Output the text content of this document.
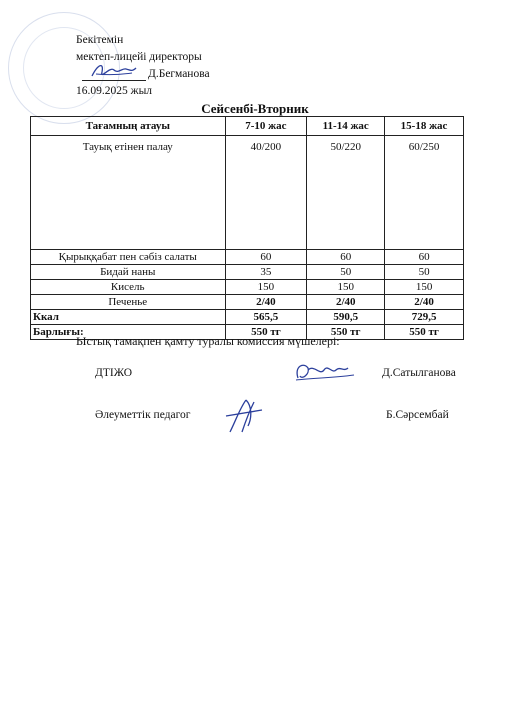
Бекітемін
мектеп-лицейі директоры
Д.Бегманова
16.09.2025 жыл
Сейсенбі-Вторник
Тағамның атауы	7-10 жас	11-14 жас	15-18 жас
Тауық етінен палау	40/200	50/220	60/250
Қырыққабат пен сәбіз салаты	60	60	60
Бидай наны	35	50	50
Кисель	150	150	150
Печенье	2/40	2/40	2/40
Ккал	565,5	590,5	729,5
Барлығы:	550 тг	550 тг	550 тг
Ыстық тамақпен қамту туралы комиссия мүшелері:
ДТІЖО	Д.Сатылганова
Әлеуметтік педагог	Б.Сәрсембай
